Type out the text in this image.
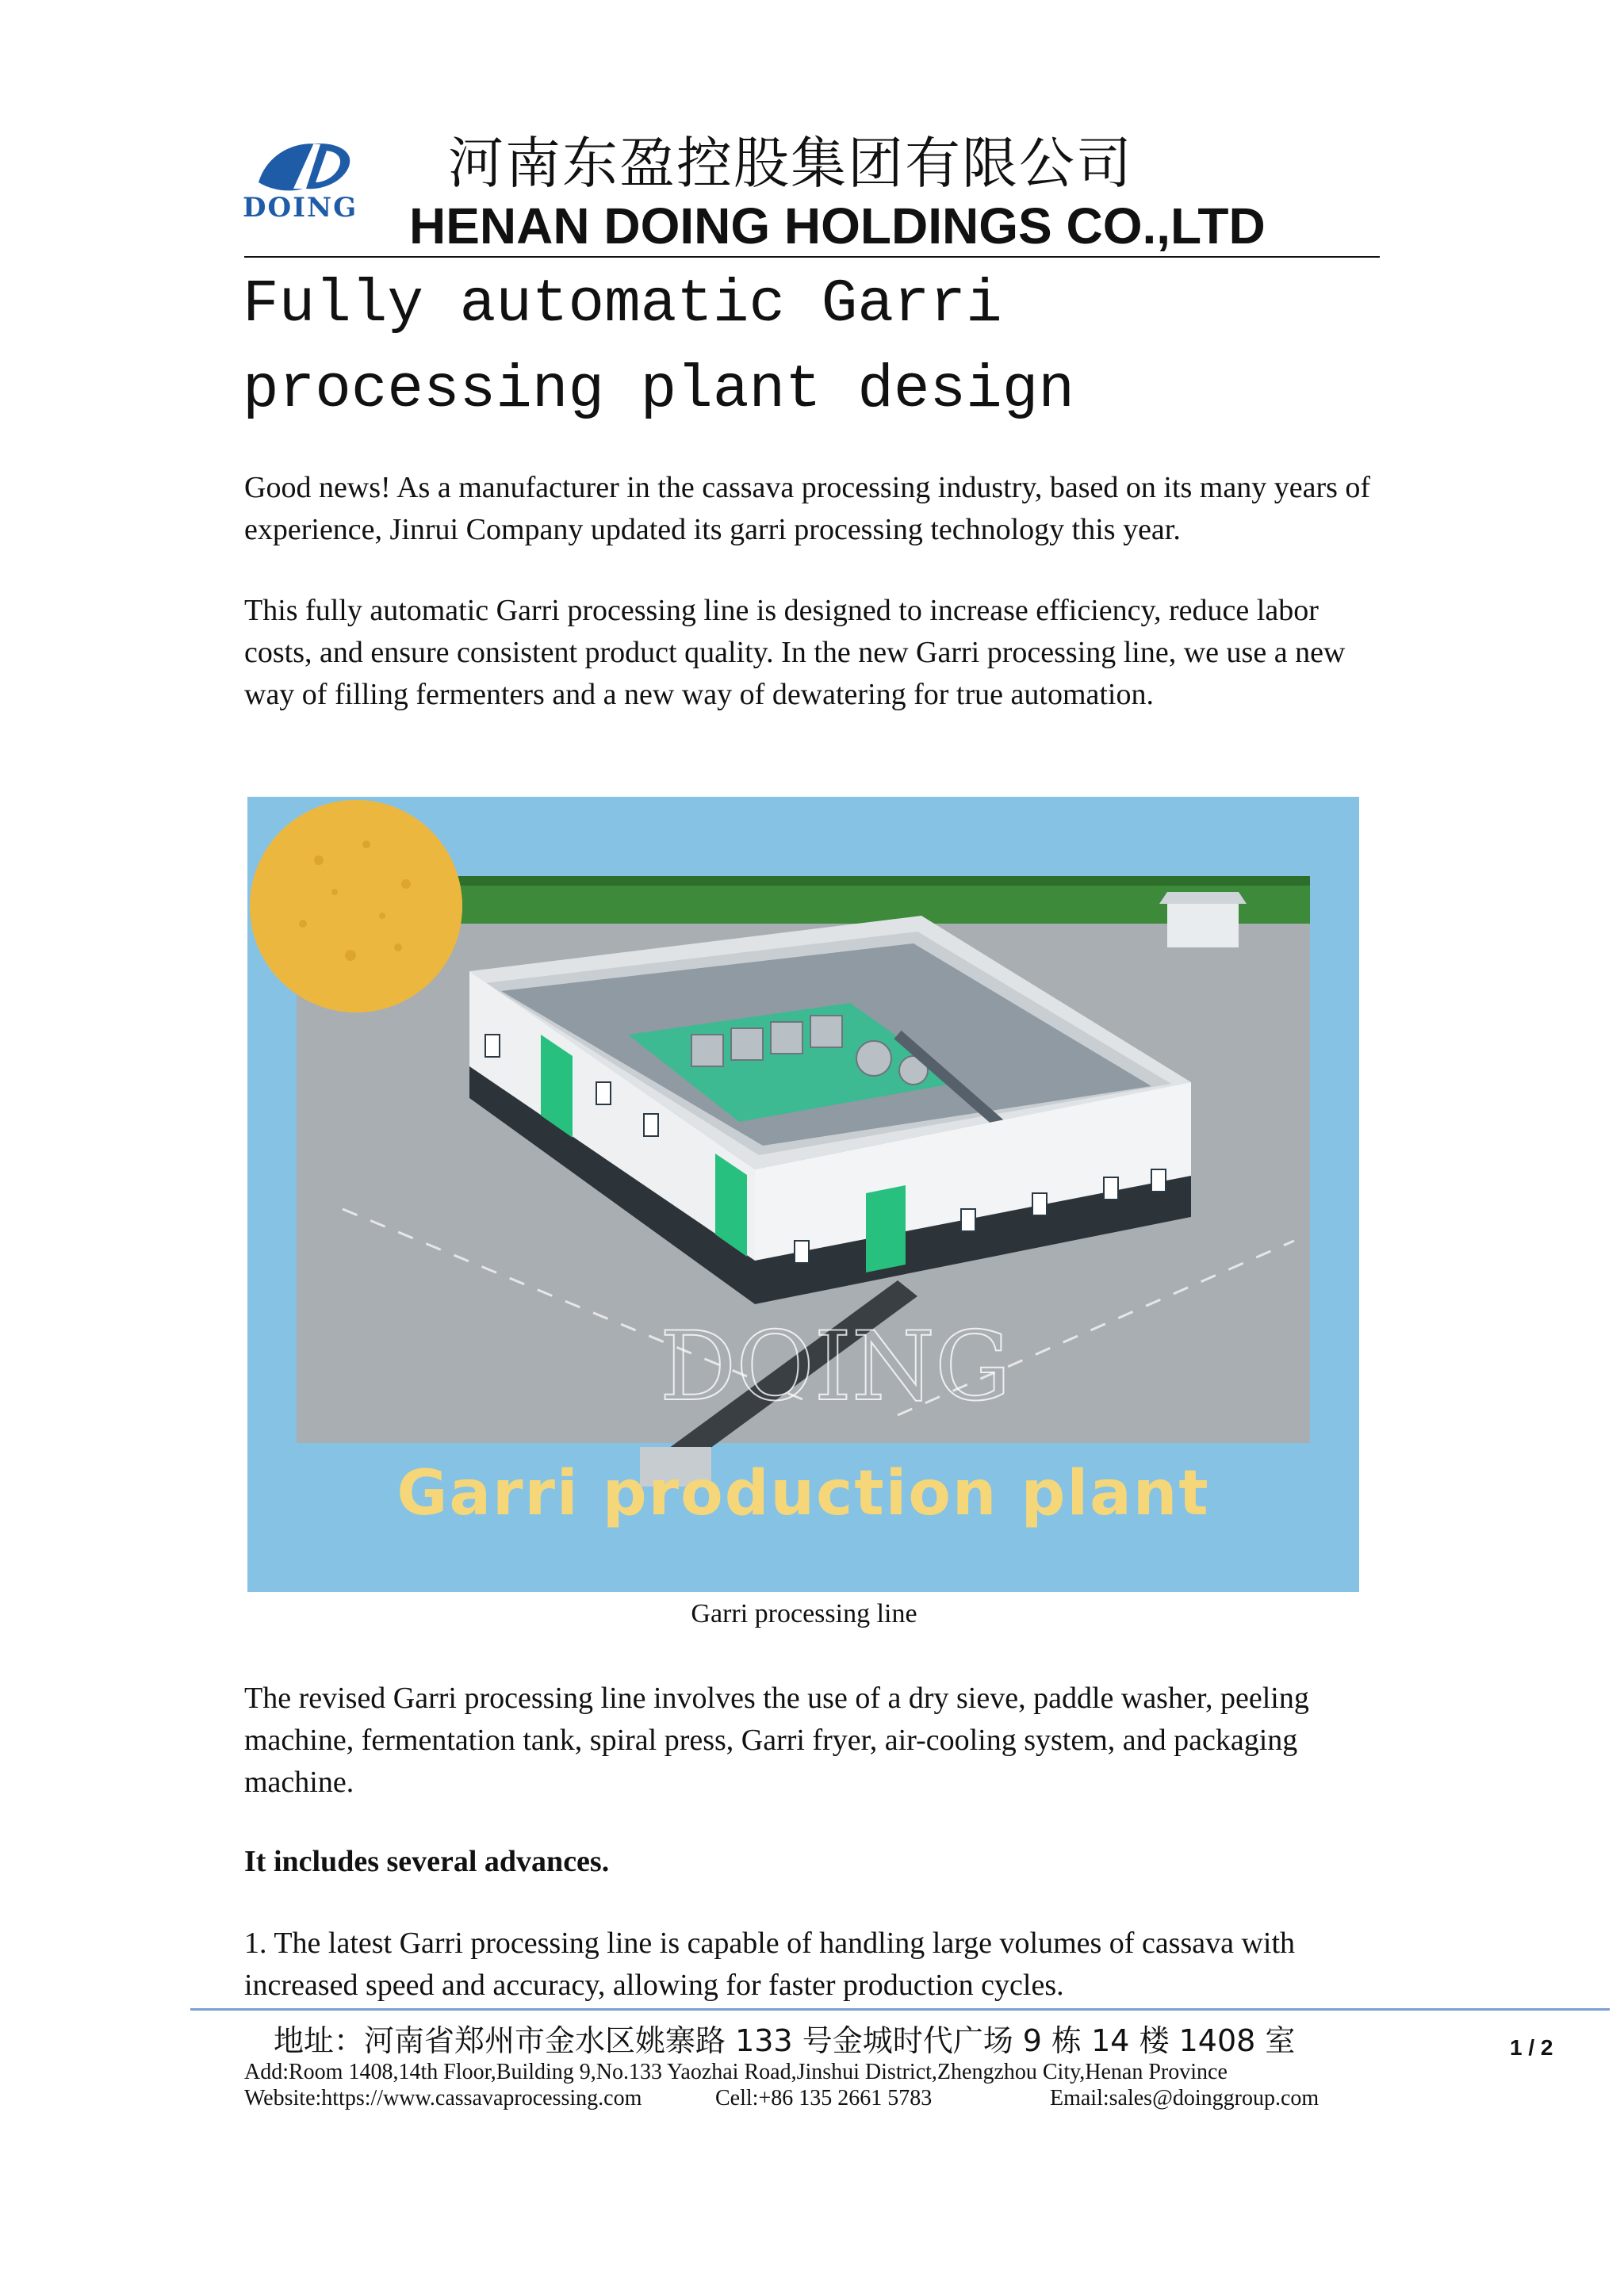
DOING
河南东盈控股集团有限公司
HENAN DOING HOLDINGS CO.,LTD
Fully automatic Garri processing plant design
Good news! As a manufacturer in the cassava processing industry, based on its many years of experience, Jinrui Company updated its garri processing technology this year.
This fully automatic Garri processing line is designed to increase efficiency, reduce labor costs, and ensure consistent product quality. In the new Garri processing line, we use a new way of filling fermenters and a new way of dewatering for true automation.
DOING
Garri production plant
Garri processing line
The revised Garri processing line involves the use of a dry sieve, paddle washer, peeling machine, fermentation tank, spiral press, Garri fryer, air-cooling system, and packaging machine.
It includes several advances.
1. The latest Garri processing line is capable of handling large volumes of cassava with increased speed and accuracy, allowing for faster production cycles.
地址：河南省郑州市金水区姚寨路 133 号金城时代广场 9 栋 14 楼 1408 室
Add:Room 1408,14th Floor,Building 9,No.133 Yaozhai Road,Jinshui District,Zhengzhou City,Henan Province
Website:https://www.cassavaprocessing.com	Cell:+86 135 2661 5783	Email:sales@doinggroup.com
1 / 2
